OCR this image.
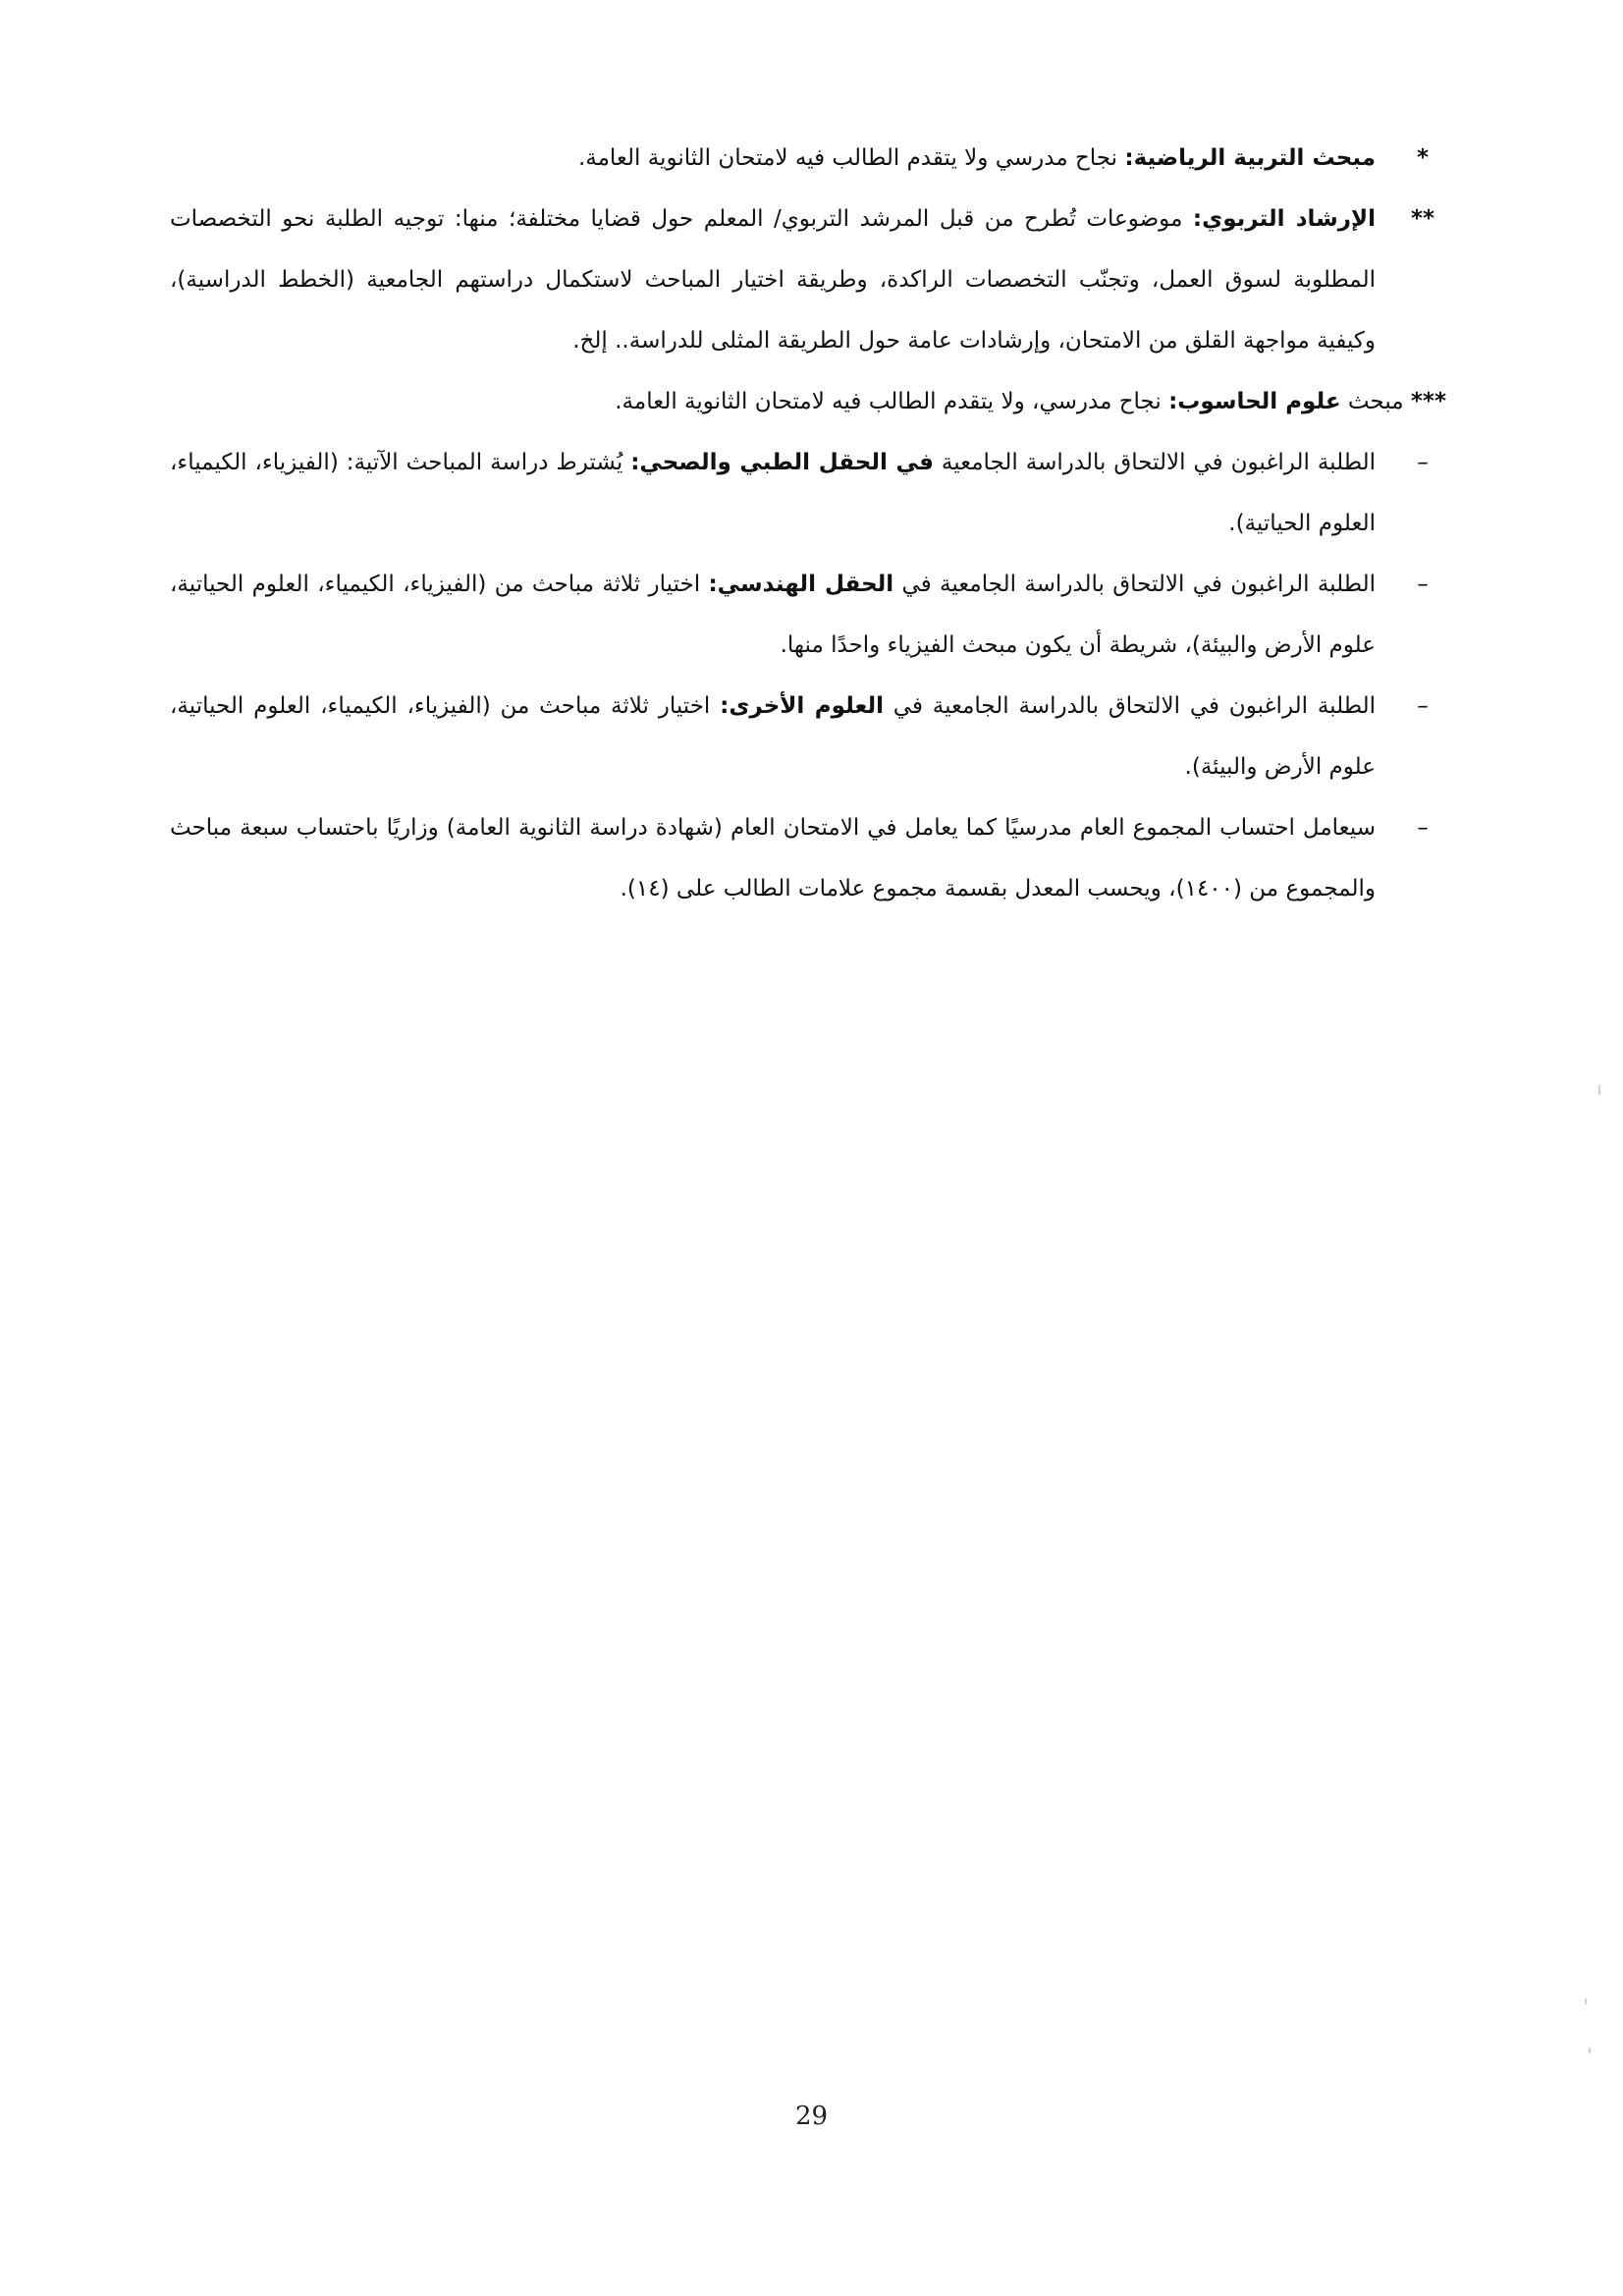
*
مبحث التربية الرياضية: نجاح مدرسي ولا يتقدم الطالب فيه لامتحان الثانوية العامة.

**
الإرشاد التربوي: موضوعات تُطرح من قبل المرشد التربوي/ المعلم حول قضايا مختلفة؛ منها: توجيه الطلبة نحو التخصصات المطلوبة لسوق العمل، وتجنّب التخصصات الراكدة، وطريقة اختيار المباحث لاستكمال دراستهم الجامعية (الخطط الدراسية)، وكيفية مواجهة القلق من الامتحان، وإرشادات عامة حول الطريقة المثلى للدراسة.. إلخ.

*** مبحث علوم الحاسوب: نجاح مدرسي، ولا يتقدم الطالب فيه لامتحان الثانوية العامة.

–
الطلبة الراغبون في الالتحاق بالدراسة الجامعية في الحقل الطبي والصحي: يُشترط دراسة المباحث الآتية: (الفيزياء، الكيمياء، العلوم الحياتية).

–
الطلبة الراغبون في الالتحاق بالدراسة الجامعية في الحقل الهندسي: اختيار ثلاثة مباحث من (الفيزياء، الكيمياء، العلوم الحياتية، علوم الأرض والبيئة)، شريطة أن يكون مبحث الفيزياء واحدًا منها.

–
الطلبة الراغبون في الالتحاق بالدراسة الجامعية في العلوم الأخرى: اختيار ثلاثة مباحث من (الفيزياء، الكيمياء، العلوم الحياتية، علوم الأرض والبيئة).

–
سيعامل احتساب المجموع العام مدرسيًا كما يعامل في الامتحان العام (شهادة دراسة الثانوية العامة) وزاريًا باحتساب سبعة مباحث والمجموع من (١٤٠٠)، ويحسب المعدل بقسمة مجموع علامات الطالب على (١٤).

29
